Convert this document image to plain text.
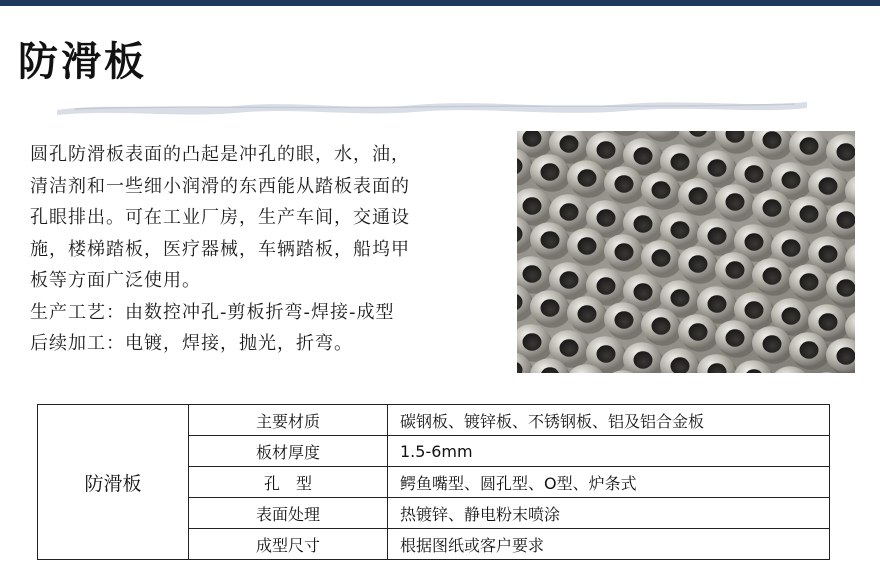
防滑板

圆孔防滑板表面的凸起是冲孔的眼，水，油，

清洁剂和一些细小润滑的东西能从踏板表面的

孔眼排出。可在工业厂房，生产车间，交通设

施，楼梯踏板，医疗器械，车辆踏板，船坞甲

板等方面广泛使用。

生产工艺：由数控冲孔-剪板折弯-焊接-成型

后续加工：电镀，焊接，抛光，折弯。

防滑板	主要材质	碳钢板、镀锌板、不锈钢板、铝及铝合金板
	板材厚度	1.5-6mm
	孔　型	鳄鱼嘴型、圆孔型、O型、炉条式
	表面处理	热镀锌、静电粉末喷涂
	成型尺寸	根据图纸或客户要求
